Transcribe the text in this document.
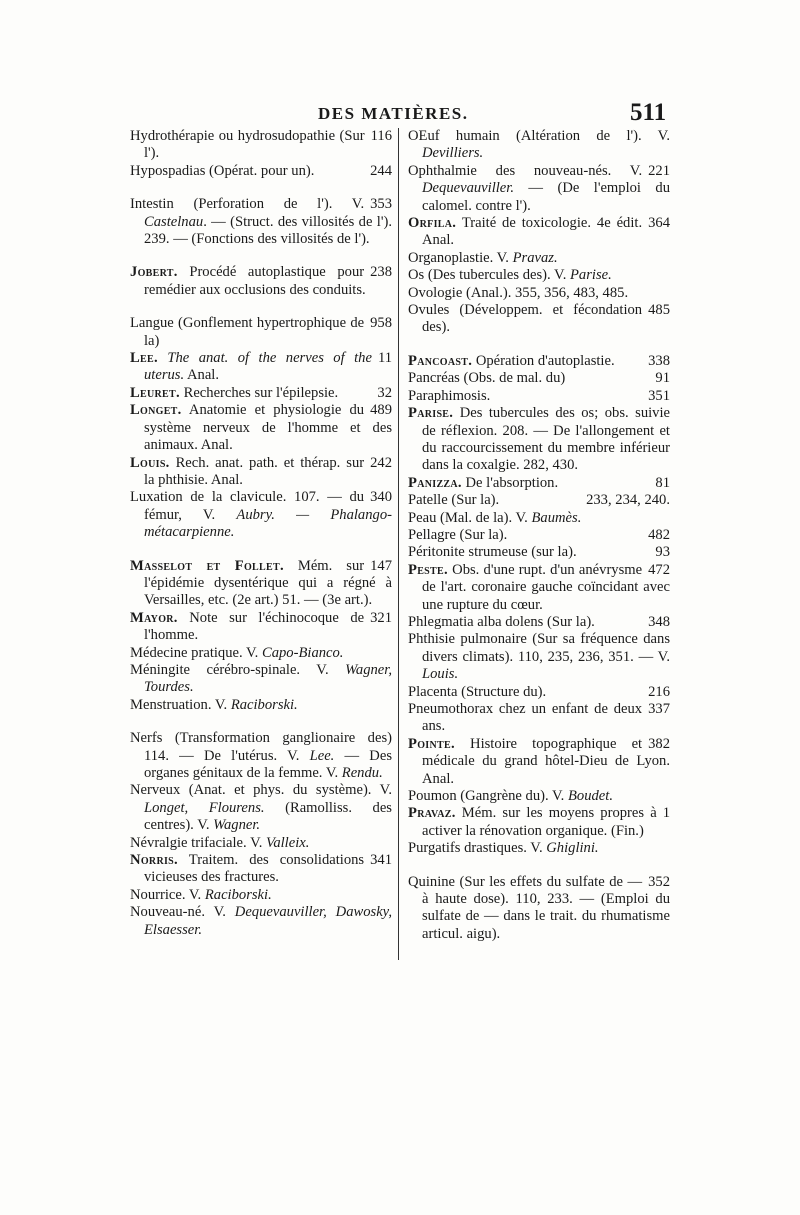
DES MATIÈRES.	511
116
Hydrothérapie ou hydrosudopathie (Sur l').
244
Hypospadias (Opérat. pour un).
353
Intestin (Perforation de l'). V. Castelnau. — (Struct. des villosités de l'). 239. — (Fonctions des villosités de l').
238
Jobert. Procédé autoplastique pour remédier aux occlusions des conduits.
958
Langue (Gonflement hypertrophique de la)
11
Lee. The anat. of the nerves of the uterus. Anal.
32
Leuret. Recherches sur l'épilepsie.
489
Longet. Anatomie et physiologie du système nerveux de l'homme et des animaux. Anal.
242
Louis. Rech. anat. path. et thérap. sur la phthisie. Anal.
340
Luxation de la clavicule. 107. — du fémur, V. Aubry. — Phalango-métacarpienne.
147
Masselot et Follet. Mém. sur l'épidémie dysentérique qui a régné à Versailles, etc. (2e art.) 51. — (3e art.).
321
Mayor. Note sur l'échinocoque de l'homme.
Médecine pratique. V. Capo-Bianco.
Méningite cérébro-spinale. V. Wagner, Tourdes.
Menstruation. V. Raciborski.
Nerfs (Transformation ganglionaire des) 114. — De l'utérus. V. Lee. — Des organes génitaux de la femme. V. Rendu.
Nerveux (Anat. et phys. du système). V. Longet, Flourens. (Ramolliss. des centres). V. Wagner.
Névralgie trifaciale. V. Valleix.
341
Norris. Traitem. des consolidations vicieuses des fractures.
Nourrice. V. Raciborski.
Nouveau-né. V. Dequevauviller, Dawosky, Elsaesser.
OEuf humain (Altération de l'). V. Devilliers.
221
Ophthalmie des nouveau-nés. V. Dequevauviller. — (De l'emploi du calomel. contre l').
364
Orfila. Traité de toxicologie. 4e édit. Anal.
Organoplastie. V. Pravaz.
Os (Des tubercules des). V. Parise.
Ovologie (Anal.). 355, 356, 483, 485.
485
Ovules (Développem. et fécondation des).
338
Pancoast. Opération d'autoplastie.
91
Pancréas (Obs. de mal. du)
351
Paraphimosis.
Parise. Des tubercules des os; obs. suivie de réflexion. 208. — De l'allongement et du raccourcissement du membre inférieur dans la coxalgie. 282, 430.
81
Panizza. De l'absorption.
233, 234, 240.
Patelle (Sur la).
Peau (Mal. de la). V. Baumès.
482
Pellagre (Sur la).
93
Péritonite strumeuse (sur la).
472
Peste. Obs. d'une rupt. d'un anévrysme de l'art. coronaire gauche coïncidant avec une rupture du cœur.
348
Phlegmatia alba dolens (Sur la).
Phthisie pulmonaire (Sur sa fréquence dans divers climats). 110, 235, 236, 351. — V. Louis.
216
Placenta (Structure du).
337
Pneumothorax chez un enfant de deux ans.
382
Pointe. Histoire topographique et médicale du grand hôtel-Dieu de Lyon. Anal.
Poumon (Gangrène du). V. Boudet.
1
Pravaz. Mém. sur les moyens propres à activer la rénovation organique. (Fin.)
Purgatifs drastiques. V. Ghiglini.
352
Quinine (Sur les effets du sulfate de — à haute dose). 110, 233. — (Emploi du sulfate de — dans le trait. du rhumatisme articul. aigu).
